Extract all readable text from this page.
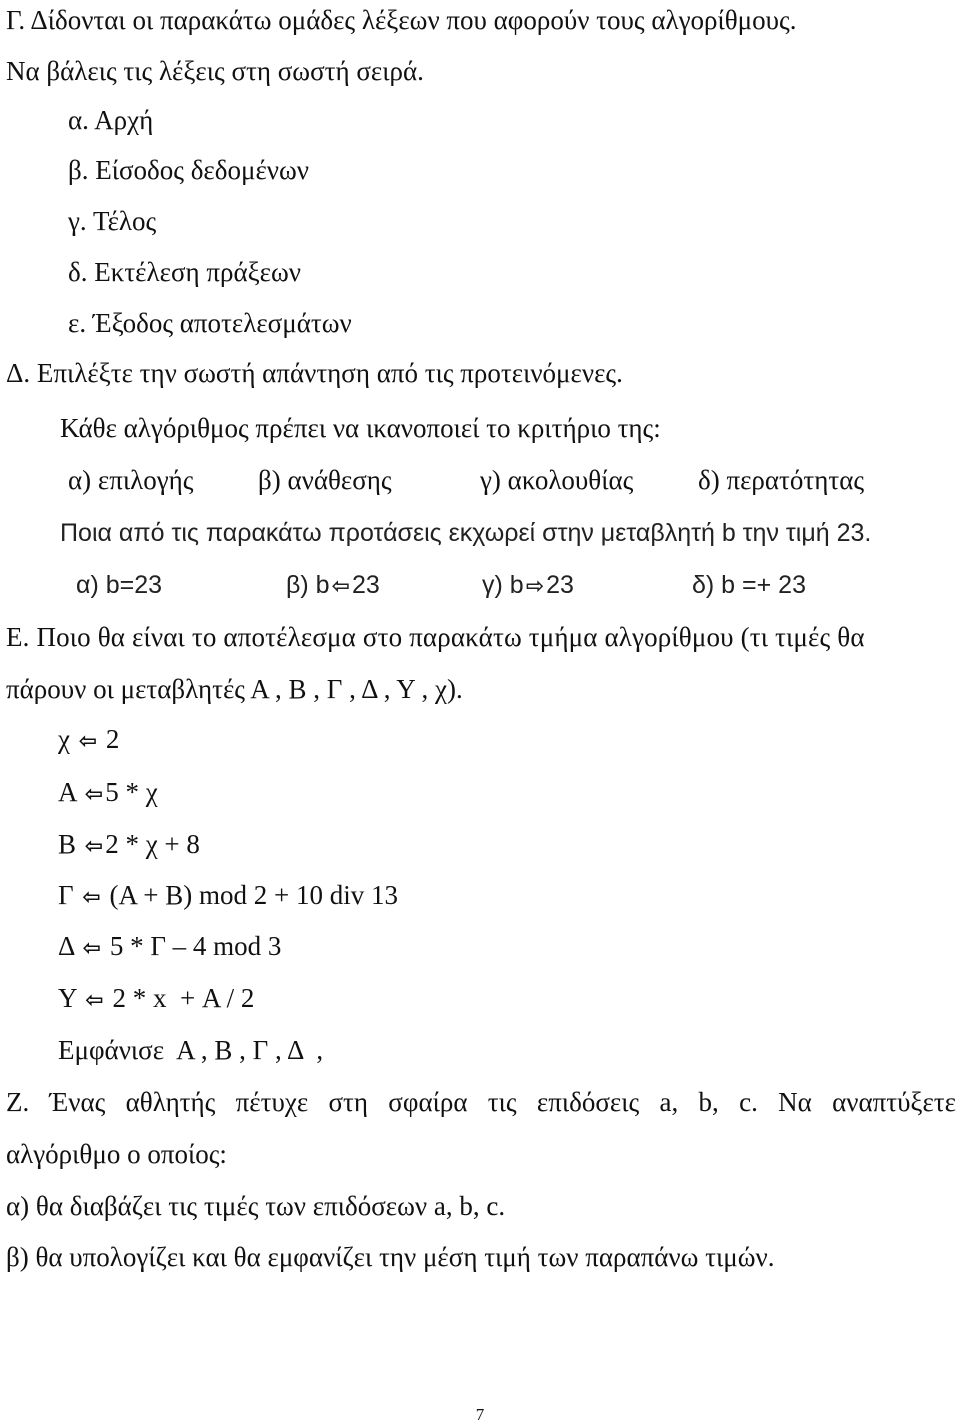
Γ. Δίδονται οι παρακάτω ομάδες λέξεων που αφορούν τους αλγορίθμους.
Να βάλεις τις λέξεις στη σωστή σειρά.
α. Αρχή
β. Είσοδος δεδομένων
γ. Τέλος
δ. Εκτέλεση πράξεων
ε. Έξοδος αποτελεσμάτων
Δ. Επιλέξτε την σωστή απάντηση από τις προτεινόμενες.
Κάθε αλγόριθμος πρέπει να ικανοποιεί το κριτήριο της:
α) επιλογής β) ανάθεσης	γ) ακολουθίας δ) περατότητας
Ποια από τις παρακάτω προτάσεις εκχωρεί στην μεταβλητή b την τιμή 23.
α) b=23	β) b⇦23	γ) b⇨23	δ) b =+ 23
Ε. Ποιο θα είναι το αποτέλεσμα στο παρακάτω τμήμα αλγορίθμου (τι τιμές θα
πάρουν οι μεταβλητές Α , Β , Γ , Δ , Υ , χ).
χ ⇦ 2
Α ⇦5 * χ
Β ⇦2 * χ + 8
Γ ⇦ (Α + Β) mod 2 + 10 div 13
Δ ⇦ 5 * Γ – 4 mod 3
Υ ⇦ 2 * x  + Α / 2
Εμφάνισε  Α , Β , Γ , Δ  ,
Ζ. Ένας αθλητής πέτυχε στη σφαίρα τις επιδόσεις a, b, c. Να αναπτύξετε
αλγόριθμο ο οποίος:
α) θα διαβάζει τις τιμές των επιδόσεων a, b, c.
β) θα υπολογίζει και θα εμφανίζει την μέση τιμή των παραπάνω τιμών.
7
